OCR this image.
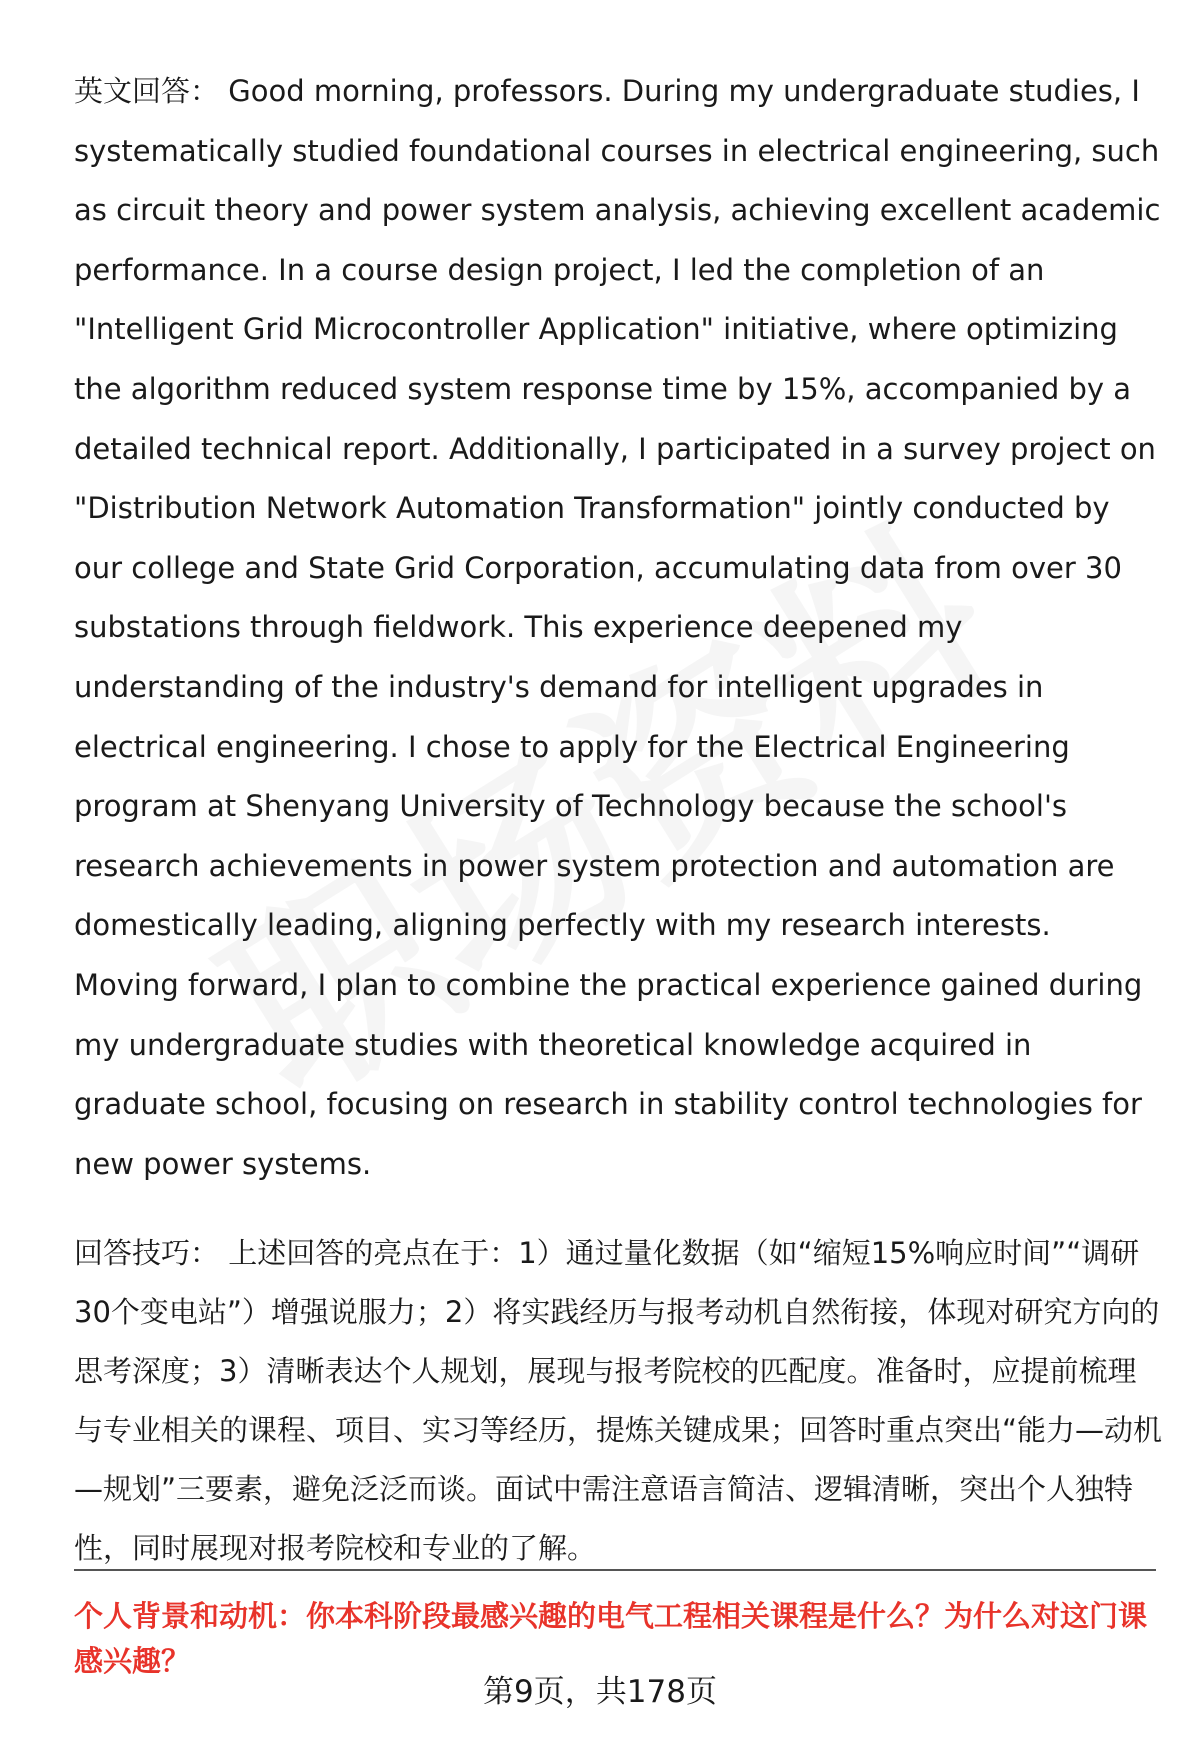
英文回答： Good morning, professors. During my undergraduate studies, I systematically studied foundational courses in electrical engineering, such as circuit theory and power system analysis, achieving excellent academic performance. In a course design project, I led the completion of an "Intelligent Grid Microcontroller Application" initiative, where optimizing the algorithm reduced system response time by 15%, accompanied by a detailed technical report. Additionally, I participated in a survey project on "Distribution Network Automation Transformation" jointly conducted by our college and State Grid Corporation, accumulating data from over 30 substations through fieldwork. This experience deepened my understanding of the industry's demand for intelligent upgrades in electrical engineering. I chose to apply for the Electrical Engineering program at Shenyang University of Technology because the school's research achievements in power system protection and automation are domestically leading, aligning perfectly with my research interests. Moving forward, I plan to combine the practical experience gained during my undergraduate studies with theoretical knowledge acquired in graduate school, focusing on research in stability control technologies for new power systems.

回答技巧： 上述回答的亮点在于：1）通过量化数据（如“缩短15%响应时间”“调研30个变电站”）增强说服力；2）将实践经历与报考动机自然衔接，体现对研究方向的思考深度；3）清晰表达个人规划，展现与报考院校的匹配度。准备时，应提前梳理与专业相关的课程、项目、实习等经历，提炼关键成果；回答时重点突出“能力—动机—规划”三要素，避免泛泛而谈。面试中需注意语言简洁、逻辑清晰，突出个人独特性，同时展现对报考院校和专业的了解。

个人背景和动机：你本科阶段最感兴趣的电气工程相关课程是什么？为什么对这门课感兴趣？
第9页，共178页
